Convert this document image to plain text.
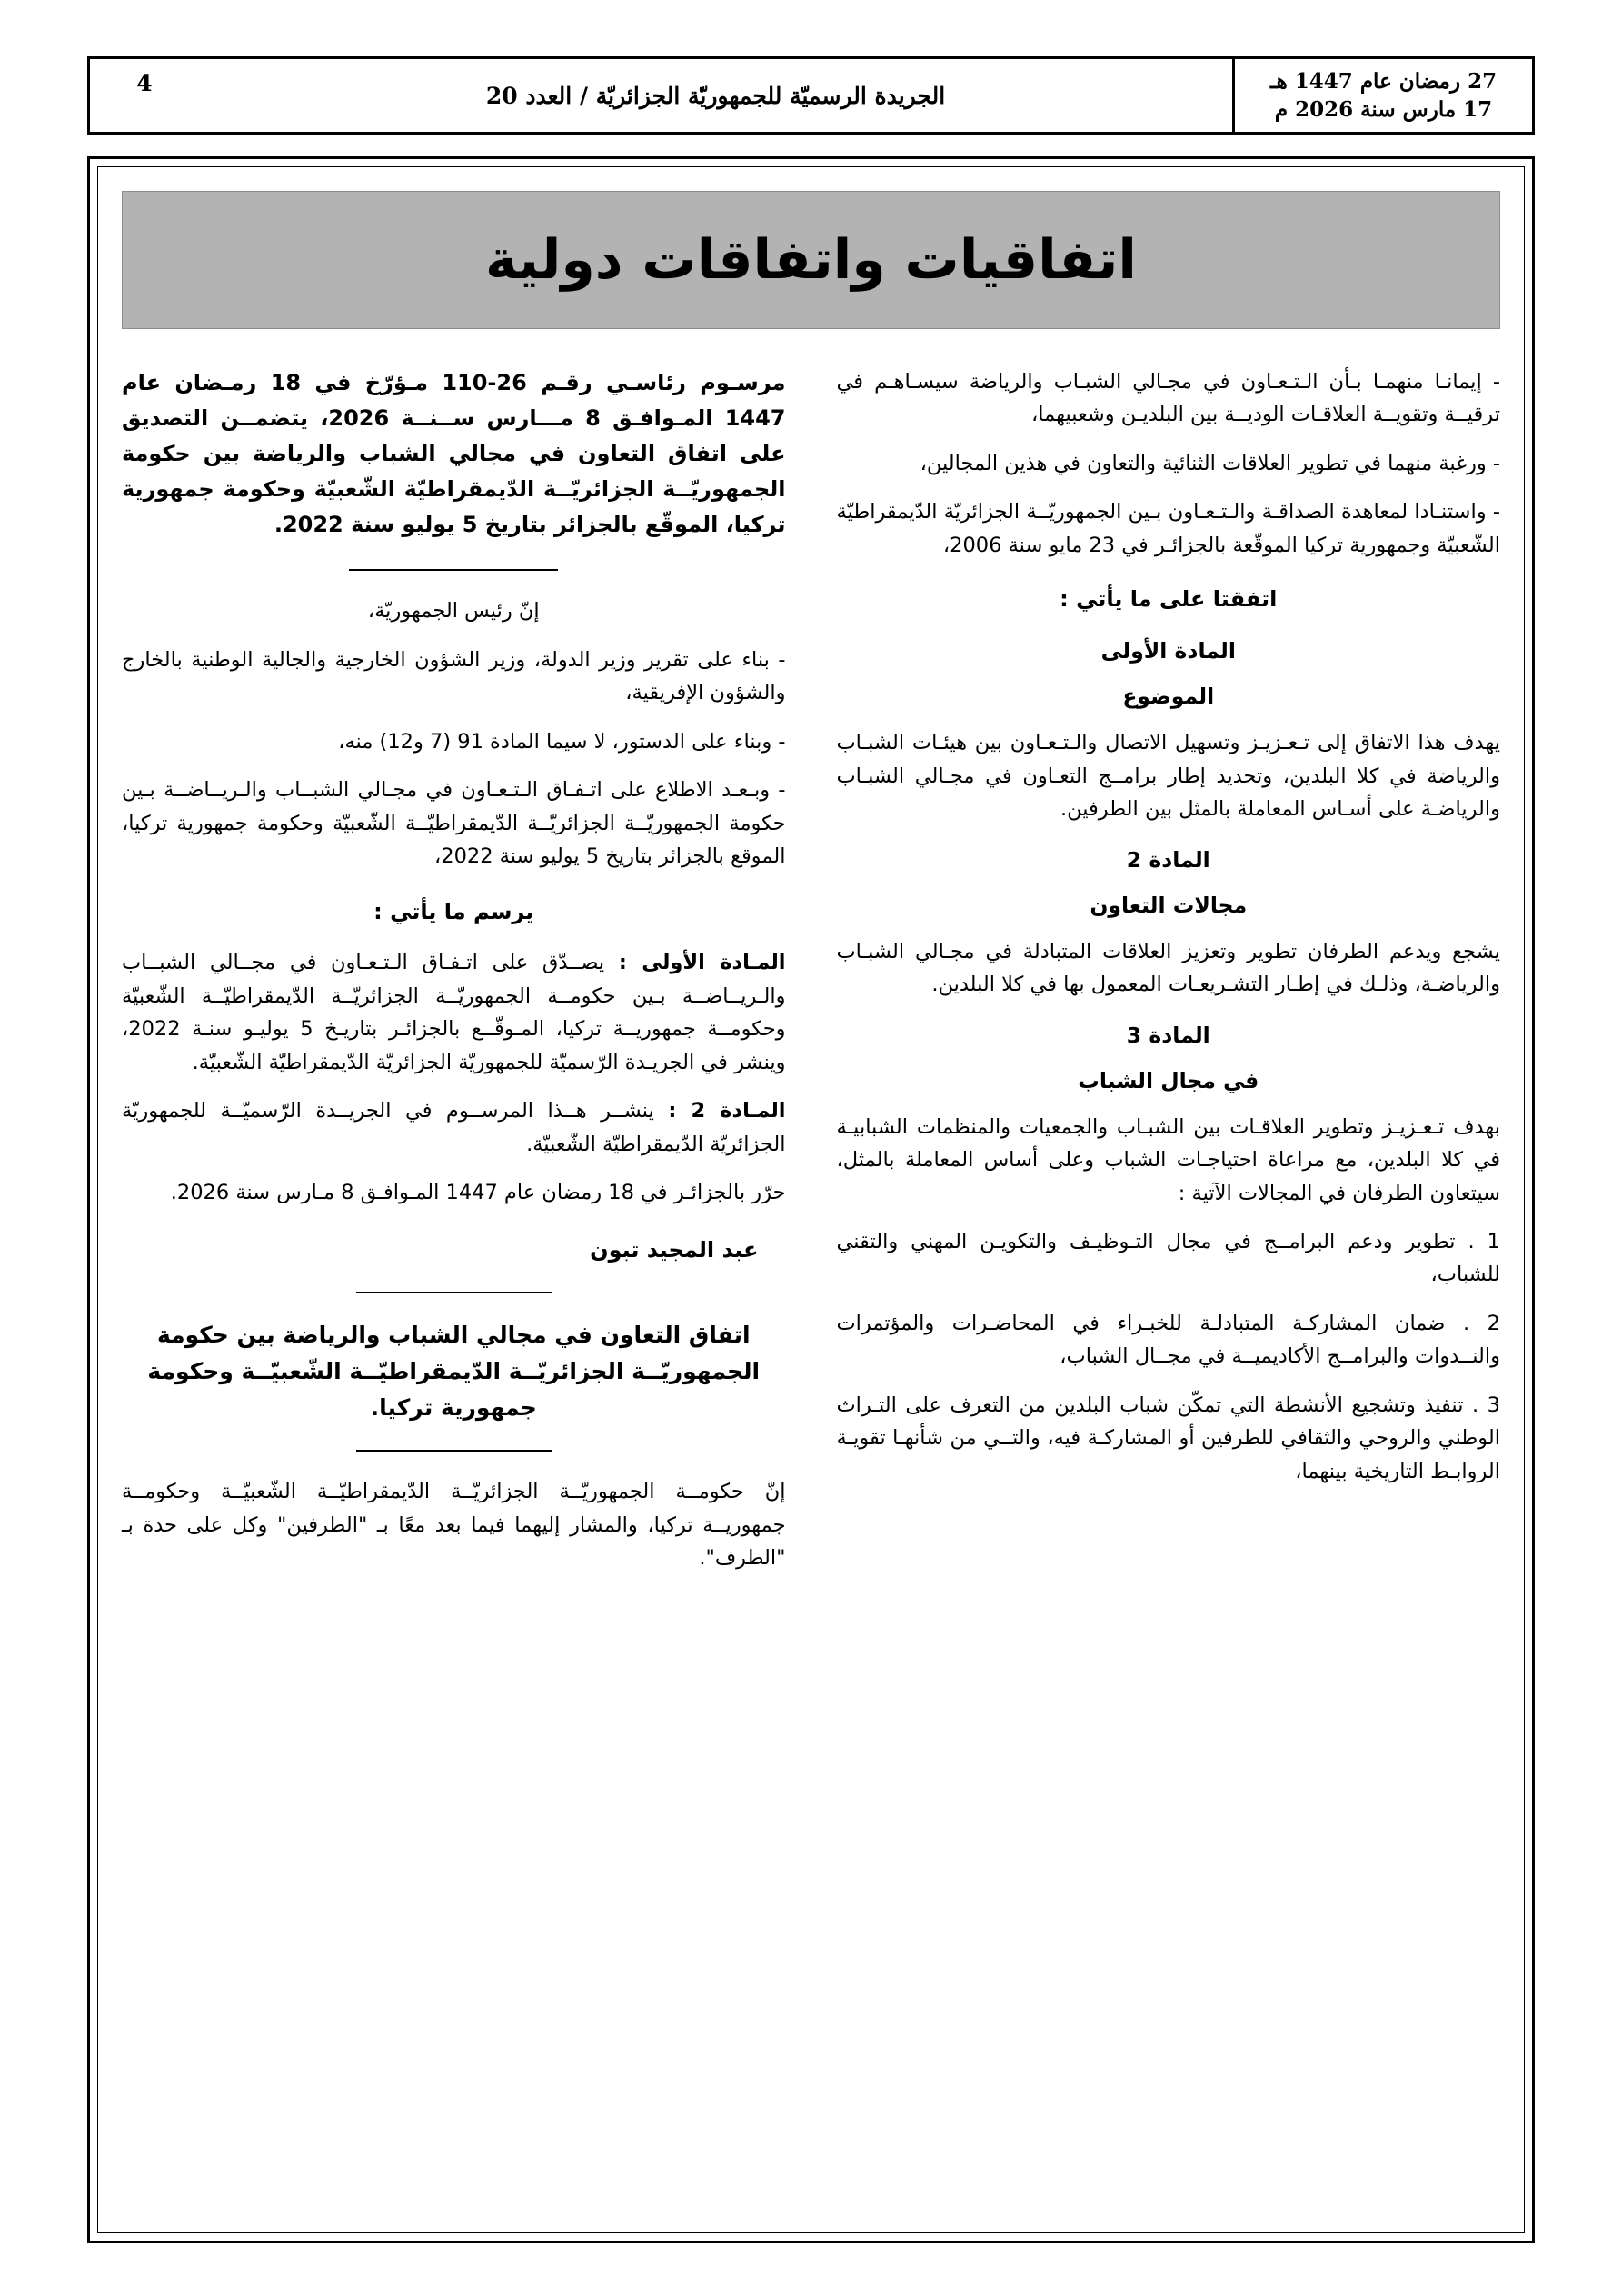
27 رمضان عام 1447 هـ
17 مارس سنة 2026 م
الجريدة الرسميّة للجمهوريّة الجزائريّة / العدد 20
4
اتفاقيات واتفاقات دولية

- إيمانـا منهمـا بـأن الـتـعـاون في مجـالي الشبـاب والرياضة سيسـاهـم في ترقيــة وتقويــة العلاقـات الوديــة بين البلديـن وشعبيهما،

- ورغبة منهما في تطوير العلاقات الثنائية والتعاون في هذين المجالين،

- واستنـادا لمعاهدة الصداقـة والـتـعـاون بـين الجمهوريّــة الجزائريّة الدّيمقراطيّة الشّعبيّة وجمهورية تركيا الموقّعة بالجزائـر في 23 مايو سنة 2006،

اتفقتا على ما يأتي :

المادة الأولى

الموضوع

يهدف هذا الاتفاق إلى تـعـزيـز وتسهيل الاتصال والـتـعـاون بين هيئـات الشبـاب والرياضة في كلا البلدين، وتحديد إطار برامــج التعـاون في مجـالي الشبـاب والرياضـة على أسـاس المعاملة بالمثل بين الطرفين.

المادة 2

مجالات التعاون

يشجع ويدعم الطرفان تطوير وتعزيز العلاقات المتبادلة في مجـالي الشبـاب والرياضـة، وذلـك في إطـار التشـريعـات المعمول بها في كلا البلدين.

المادة 3

في مجال الشباب

بهدف تـعـزيـز وتطوير العلاقـات بين الشبـاب والجمعيات والمنظمات الشبابيـة في كلا البلدين، مع مراعاة احتياجـات الشباب وعلى أساس المعاملة بالمثل، سيتعاون الطرفان في المجالات الآتية :

1 . تطوير ودعم البرامــج في مجال التـوظيـف والتكويـن المهني والتقني للشباب،

2 . ضمان المشاركـة المتبادلـة للخبـراء في المحاضـرات والمؤتمرات والنــدوات والبرامــج الأكاديميــة في مجــال الشباب،

3 . تنفيذ وتشجيع الأنشطة التي تمكّن شباب البلدين من التعرف على التـراث الوطني والروحي والثقافي للطرفين أو المشاركـة فيه، والتــي من شأنهـا تقويـة الروابـط التاريخية بينهما،

مرسـوم رئاسـي رقـم 26-110 مـؤرّخ في 18 رمـضان عام 1447 المـوافـق 8 مـــارس ســنــة 2026، يتضمــن التصديق على اتفاق التعاون في مجالي الشباب والرياضة بين حكومة الجمهوريّــة الجزائريّــة الدّيمقراطيّة الشّعبيّة وحكومة جمهورية تركيا، الموقّع بالجزائر بتاريخ 5 يوليو سنة 2022.

إنّ رئيس الجمهوريّة،

- بناء على تقرير وزير الدولة، وزير الشؤون الخارجية والجالية الوطنية بالخارج والشؤون الإفريقية،

- وبناء على الدستور، لا سيما المادة 91 (7 و12) منه،

- وبـعـد الاطلاع على اتـفـاق الـتـعـاون في مجـالي الشبــاب والـريــاضــة بـين حكومة الجمهوريّــة الجزائريّــة الدّيمقراطيّــة الشّعبيّة وحكومة جمهورية تركيا، الموقع بالجزائر بتاريخ 5 يوليو سنة 2022،

يرسم ما يأتي :

المـادة الأولى : يصــدّق على اتـفـاق الـتـعـاون في مجــالي الشبــاب والـريــاضــة بـين حكومــة الجمهوريّــة الجزائريّــة الدّيمقراطيّــة الشّعبيّة وحكومــة جمهوريــة تركيا، المـوقّــع بالجزائـر بتاريـخ 5 يوليـو سنـة 2022، وينشر في الجريـدة الرّسميّة للجمهوريّة الجزائريّة الدّيمقراطيّة الشّعبيّة.

المـادة 2 : ينشــر هــذا المرســوم في الجريــدة الرّسميّــة للجمهوريّة الجزائريّة الدّيمقراطيّة الشّعبيّة.

حرّر بالجزائـر في 18 رمضان عام 1447 المـوافـق 8 مـارس سنة 2026.

عبد المجيد تبون

اتفاق التعاون في مجالي الشباب والرياضة بين حكومة الجمهوريّــة الجزائريّــة الدّيمقراطيّــة الشّعبيّــة وحكومة جمهورية تركيا.

إنّ حكومــة الجمهوريّــة الجزائريّــة الدّيمقراطيّــة الشّعبيّــة وحكومــة جمهوريــة تركيا، والمشار إليهما فيما بعد معًا بـ "الطرفين" وكل على حدة بـ "الطرف".
